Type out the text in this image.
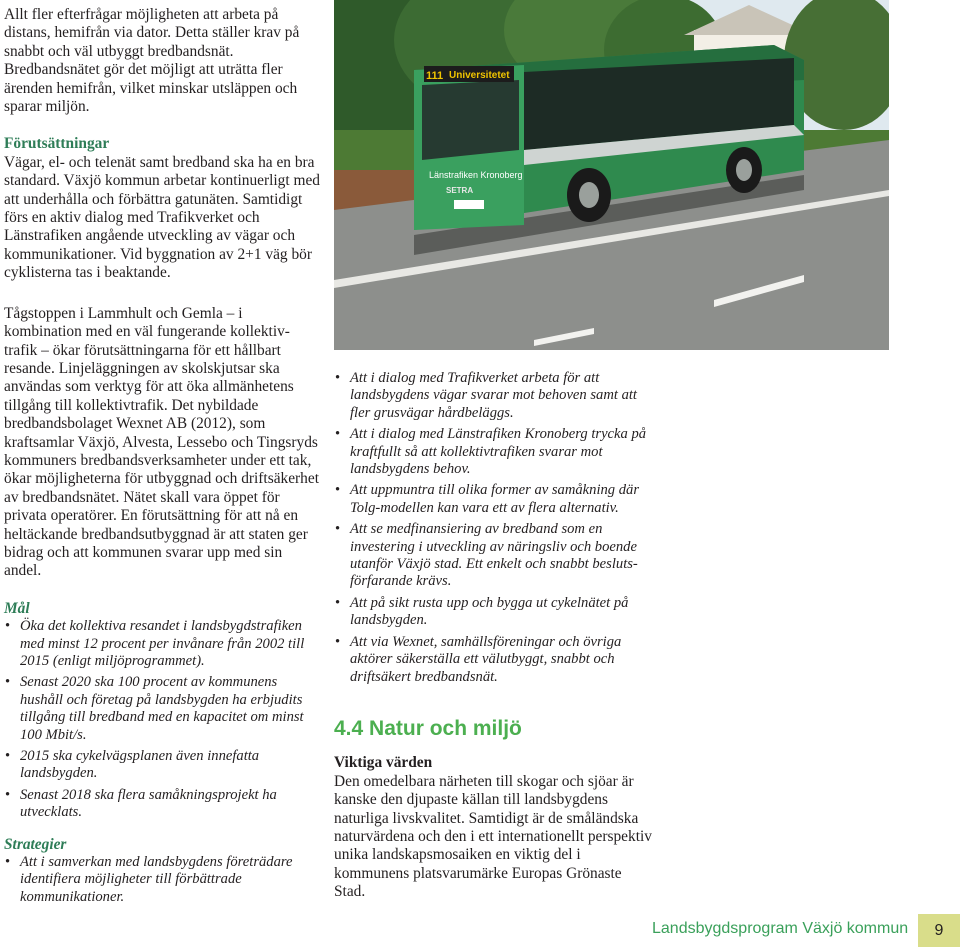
Allt fler efterfrågar möjligheten att arbeta på distans, hemifrån via dator. Detta ställer krav på snabbt och väl utbyggt bredbandsnät. Bredbandsnätet gör det möjligt att uträtta fler ärenden hemifrån, vilket minskar utsläppen och sparar miljön.

Förutsättningar

Vägar, el- och telenät samt bredband ska ha en bra standard. Växjö kommun arbetar kontinuerligt med att underhålla och förbättra gatunäten. Samtidigt förs en aktiv dialog med Trafikverket och Länstrafiken angående utveckling av vägar och kommunikationer. Vid byggnation av 2+1 väg bör cyklisterna tas i beaktande.

Tågstoppen i Lammhult och Gemla – i kombination med en väl fungerande kollektiv-trafik – ökar förutsättningarna för ett hållbart resande. Linjeläggningen av skolskjutsar ska användas som verktyg för att öka allmänhetens tillgång till kollektivtrafik. Det nybildade bredbandsbolaget Wexnet AB (2012), som kraftsamlar Växjö, Alvesta, Lessebo och Tingsryds kommuners bredbandsverksamheter under ett tak, ökar möjligheterna för utbyggnad och driftsäkerhet av bredbandsnätet. Nätet skall vara öppet för privata operatörer. En förutsättning för att nå en heltäckande bredbandsutbyggnad är att staten ger bidrag och att kommunen svarar upp med sin andel.

Mål

• Öka det kollektiva resandet i landsbygdstrafiken med minst 12 procent per invånare från 2002 till 2015 (enligt miljöprogrammet).
• Senast 2020 ska 100 procent av kommunens hushåll och företag på landsbygden ha erbjudits tillgång till bredband med en kapacitet om minst 100 Mbit/s.
• 2015 ska cykelvägsplanen även innefatta landsbygden.
• Senast 2018 ska flera samåkningsprojekt ha utvecklats.

Strategier

• Att i samverkan med landsbygdens företrädare identifiera möjligheter till förbättrade kommunikationer.
111 Universitetet
Länstrafiken Kronoberg
SETRA
• Att i dialog med Trafikverket arbeta för att landsbygdens vägar svarar mot behoven samt att fler grusvägar hårdbeläggs.
• Att i dialog med Länstrafiken Kronoberg trycka på kraftfullt så att kollektivtrafiken svarar mot landsbygdens behov.
• Att uppmuntra till olika former av samåkning där Tolg-modellen kan vara ett av flera alternativ.
• Att se medfinansiering av bredband som en investering i utveckling av näringsliv och boende utanför Växjö stad. Ett enkelt och snabbt besluts-förfarande krävs.
• Att på sikt rusta upp och bygga ut cykelnätet på landsbygden.
• Att via Wexnet, samhällsföreningar och övriga aktörer säkerställa ett välutbyggt, snabbt och driftsäkert bredbandsnät.

4.4 Natur och miljö

Viktiga värden

Den omedelbara närheten till skogar och sjöar är kanske den djupaste källan till landsbygdens naturliga livskvalitet. Samtidigt är de småländska naturvärdena och den i ett internationellt perspektiv unika landskapsmosaiken en viktig del i kommunens platsvarumärke Europas Grönaste Stad.

Landsbygdsprogram Växjö kommun	9
